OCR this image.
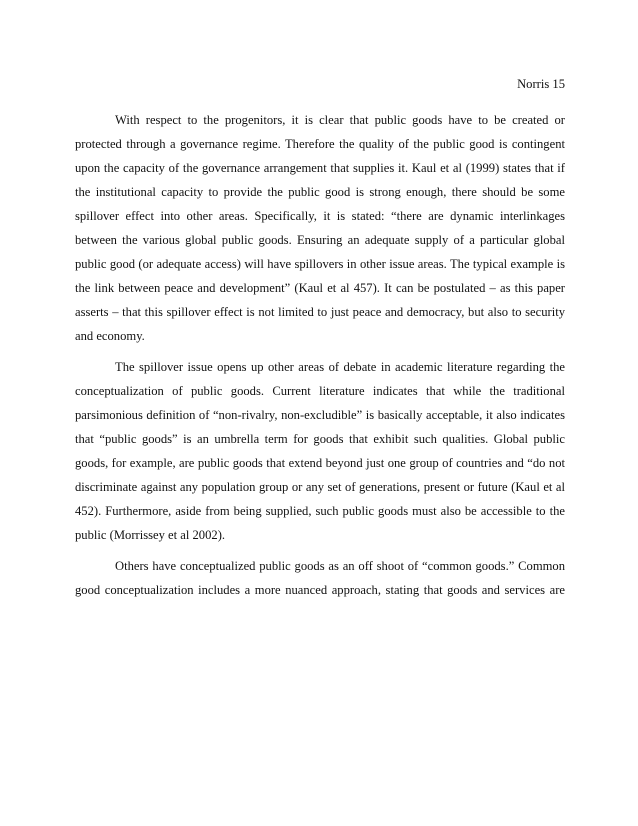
Norris 15
With respect to the progenitors, it is clear that public goods have to be created or
protected through a governance regime. Therefore the quality of the public good is contingent
upon the capacity of the governance arrangement that supplies it. Kaul et al (1999) states that if
the institutional capacity to provide the public good is strong enough, there should be some
spillover effect into other areas. Specifically, it is stated: “there are dynamic interlinkages
between the various global public goods. Ensuring an adequate supply of a particular global
public good (or adequate access) will have spillovers in other issue areas. The typical example is
the link between peace and development” (Kaul et al 457). It can be postulated – as this paper
asserts – that this spillover effect is not limited to just peace and democracy, but also to security
and economy.
The spillover issue opens up other areas of debate in academic literature regarding the
conceptualization of public goods. Current literature indicates that while the traditional
parsimonious definition of “non-rivalry, non-excludible” is basically acceptable, it also indicates
that “public goods” is an umbrella term for goods that exhibit such qualities. Global public
goods, for example, are public goods that extend beyond just one group of countries and “do not
discriminate against any population group or any set of generations, present or future (Kaul et al
452). Furthermore, aside from being supplied, such public goods must also be accessible to the
public (Morrissey et al 2002).
Others have conceptualized public goods as an off shoot of “common goods.” Common
good conceptualization includes a more nuanced approach, stating that goods and services are
